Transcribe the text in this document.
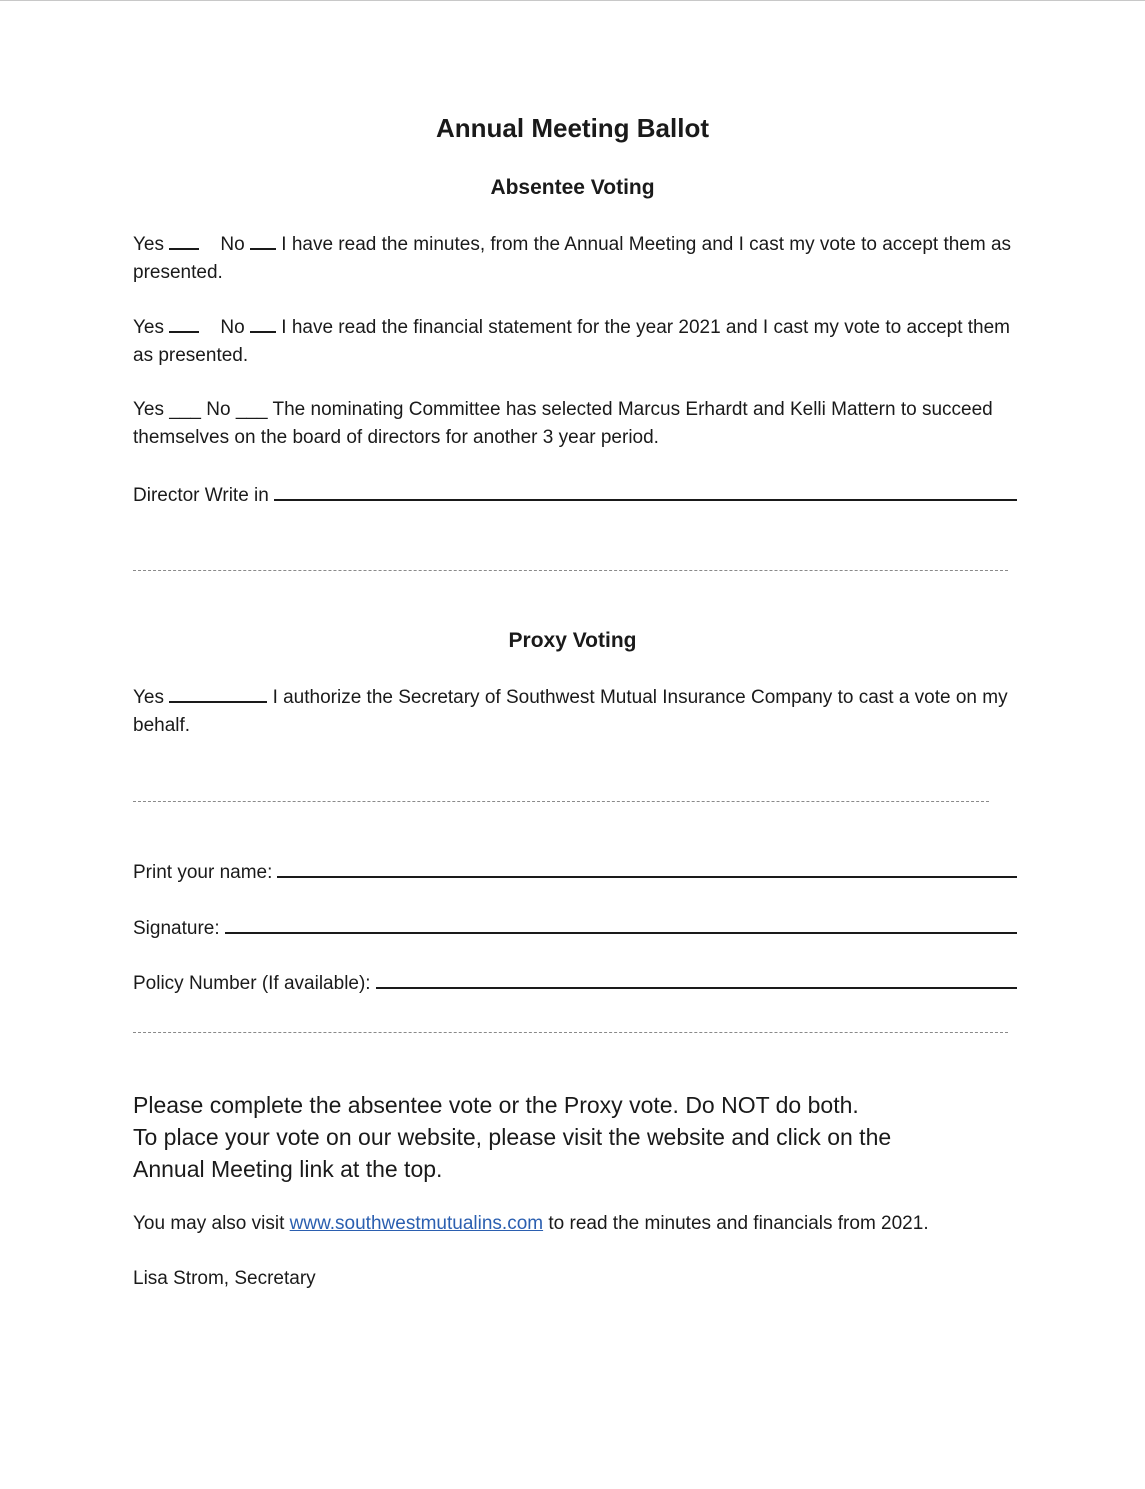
Annual Meeting Ballot
Absentee Voting
Yes	No I have read the minutes, from the Annual Meeting and I cast my vote to accept them as presented.
Yes	No I have read the financial statement for the year 2021 and I cast my vote to accept them as presented.
Yes ___ No ___ The nominating Committee has selected Marcus Erhardt and Kelli Mattern to succeed themselves on the board of directors for another 3 year period.
Director Write in
Proxy Voting
Yes	I authorize the Secretary of Southwest Mutual Insurance Company to cast a vote on my behalf.
Print your name:
Signature:
Policy Number (If available):
Please complete the absentee vote or the Proxy vote. Do NOT do both.
To place your vote on our website, please visit the website and click on the Annual Meeting link at the top.
You may also visit www.southwestmutualins.com to read the minutes and financials from 2021.
Lisa Strom, Secretary
